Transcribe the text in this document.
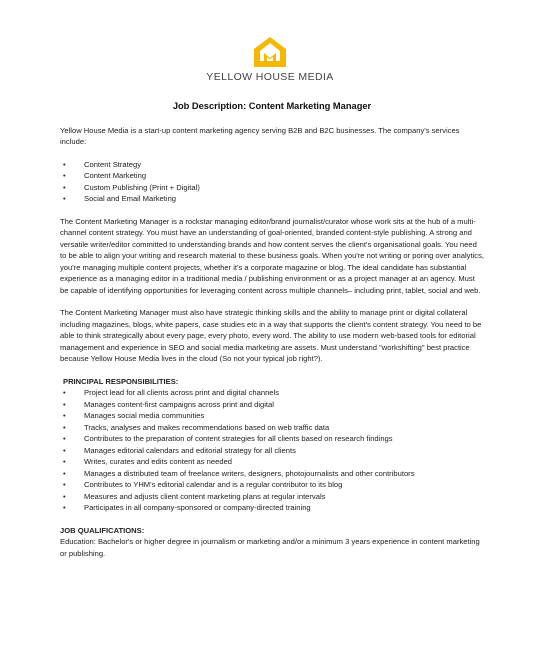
YELLOW HOUSE MEDIA
Job Description: Content Marketing Manager

Yellow House Media is a start-up content marketing agency serving B2B and B2C businesses. The company's services include:

• Content Strategy
• Content Marketing
• Custom Publishing (Print + Digital)
• Social and Email Marketing

The Content Marketing Manager is a rockstar managing editor/brand journalist/curator whose work sits at the hub of a multi-channel content strategy. You must have an understanding of goal-oriented, branded content-style publishing. A strong and versatile writer/editor committed to understanding brands and how content serves the client's organisational goals. You need to be able to align your writing and research material to these business goals. When you're not writing or poring over analytics, you're managing multiple content projects, whether it's a corporate magazine or blog. The ideal candidate has substantial experience as a managing editor in a traditional media / publishing environment or as a project manager at an agency. Must be capable of identifying opportunities for leveraging content across multiple channels– including print, tablet, social and web.

The Content Marketing Manager must also have strategic thinking skills and the ability to manage print or digital collateral including magazines, blogs, white papers, case studies etc in a way that supports the client's content strategy. You need to be able to think strategically about every page, every photo, every word. The ability to use modern web-based tools for editorial management and experience in SEO and social media marketing are assets. Must understand "workshifting" best practice because Yellow House Media lives in the cloud (So not your typical job right?).

PRINCIPAL RESPONSIBILITIES:
• Project lead for all clients across print and digital channels
• Manages content-first campaigns across print and digital
• Manages social media communities
• Tracks, analyses and makes recommendations based on web traffic data
• Contributes to the preparation of content strategies for all clients based on research findings
• Manages editorial calendars and editorial strategy for all clients
• Writes, curates and edits content as needed
• Manages a distributed team of freelance writers, designers, photojournalists and other contributors
• Contributes to YHM's editorial calendar and is a regular contributor to its blog
• Measures and adjusts client content marketing plans at regular intervals
• Participates in all company-sponsored or company-directed training
JOB QUALIFICATIONS:

Education: Bachelor's or higher degree in journalism or marketing and/or a minimum 3 years experience in content marketing or publishing.
